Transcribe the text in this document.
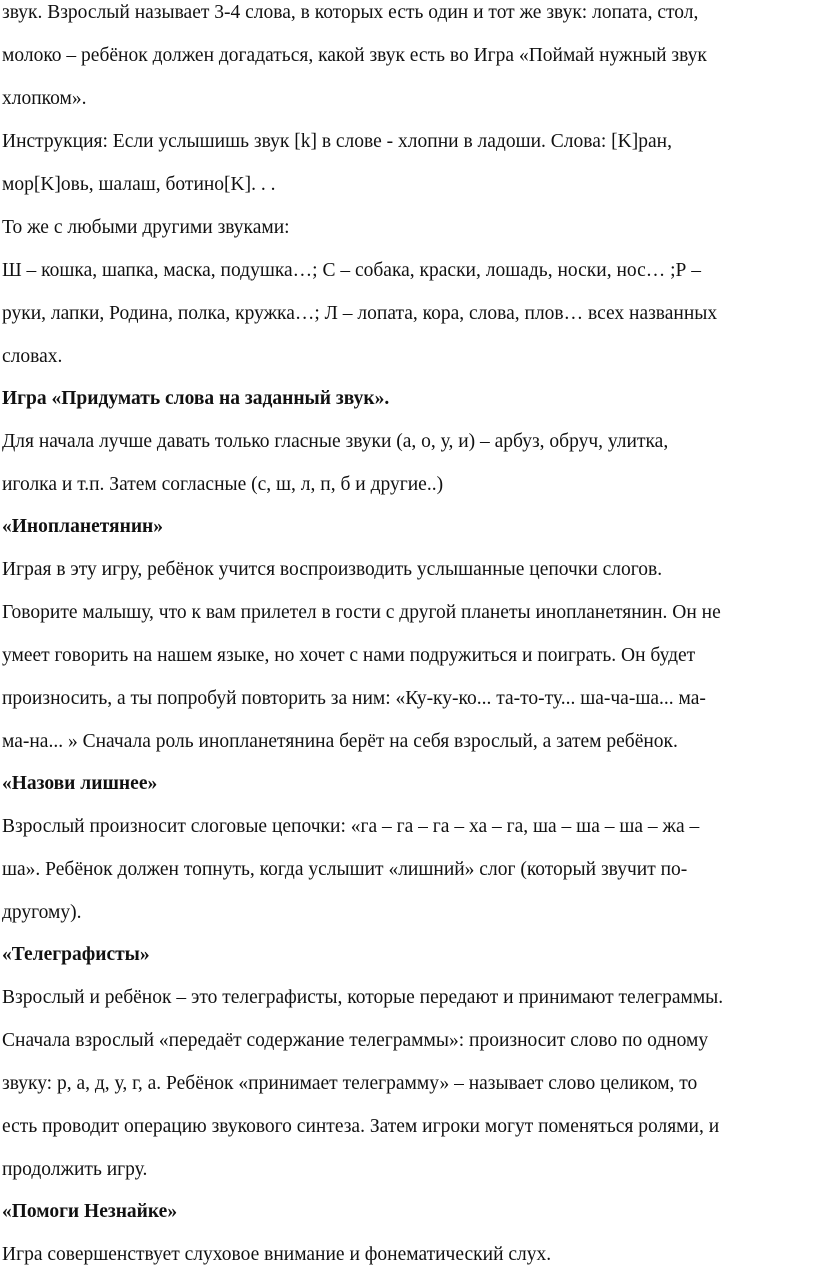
звук. Взрослый называет 3-4 слова, в которых есть один и тот же звук: лопата, стол,
молоко – ребёнок должен догадаться, какой звук есть во Игра «Поймай нужный звук
хлопком».
Инструкция: Если услышишь звук [k] в слове - хлопни в ладоши. Слова: [K]ран,
мор[K]овь, шалаш, ботино[K]. . .
То же с любыми другими звуками:
Ш – кошка, шапка, маска, подушка…; С – собака, краски, лошадь, носки, нос… ;Р –
руки, лапки, Родина, полка, кружка…; Л – лопата, кора, слова, плов… всех названных
словах.
Игра «Придумать слова на заданный звук».
Для начала лучше давать только гласные звуки (а, о, у, и) – арбуз, обруч, улитка,
иголка и т.п. Затем согласные (с, ш, л, п, б и другие..)
«Инопланетянин»
Играя в эту игру, ребёнок учится воспроизводить услышанные цепочки слогов.
Говорите малышу, что к вам прилетел в гости с другой планеты инопланетянин. Он не
умеет говорить на нашем языке, но хочет с нами подружиться и поиграть. Он будет
произносить, а ты попробуй повторить за ним: «Ку-ку-ко... та-то-ту... ша-ча-ша... ма-
ма-на... » Сначала роль инопланетянина берёт на себя взрослый, а затем ребёнок.
«Назови лишнее»
Взрослый произносит слоговые цепочки: «га – га – га – ха – га, ша – ша – ша – жа –
ша». Ребёнок должен топнуть, когда услышит «лишний» слог (который звучит по-
другому).
«Телеграфисты»
Взрослый и ребёнок – это телеграфисты, которые передают и принимают телеграммы.
Сначала взрослый «передаёт содержание телеграммы»: произносит слово по одному
звуку: р, а, д, у, г, а. Ребёнок «принимает телеграмму» – называет слово целиком, то
есть проводит операцию звукового синтеза. Затем игроки могут поменяться ролями, и
продолжить игру.
«Помоги Незнайке»
Игра совершенствует слуховое внимание и фонематический слух.
